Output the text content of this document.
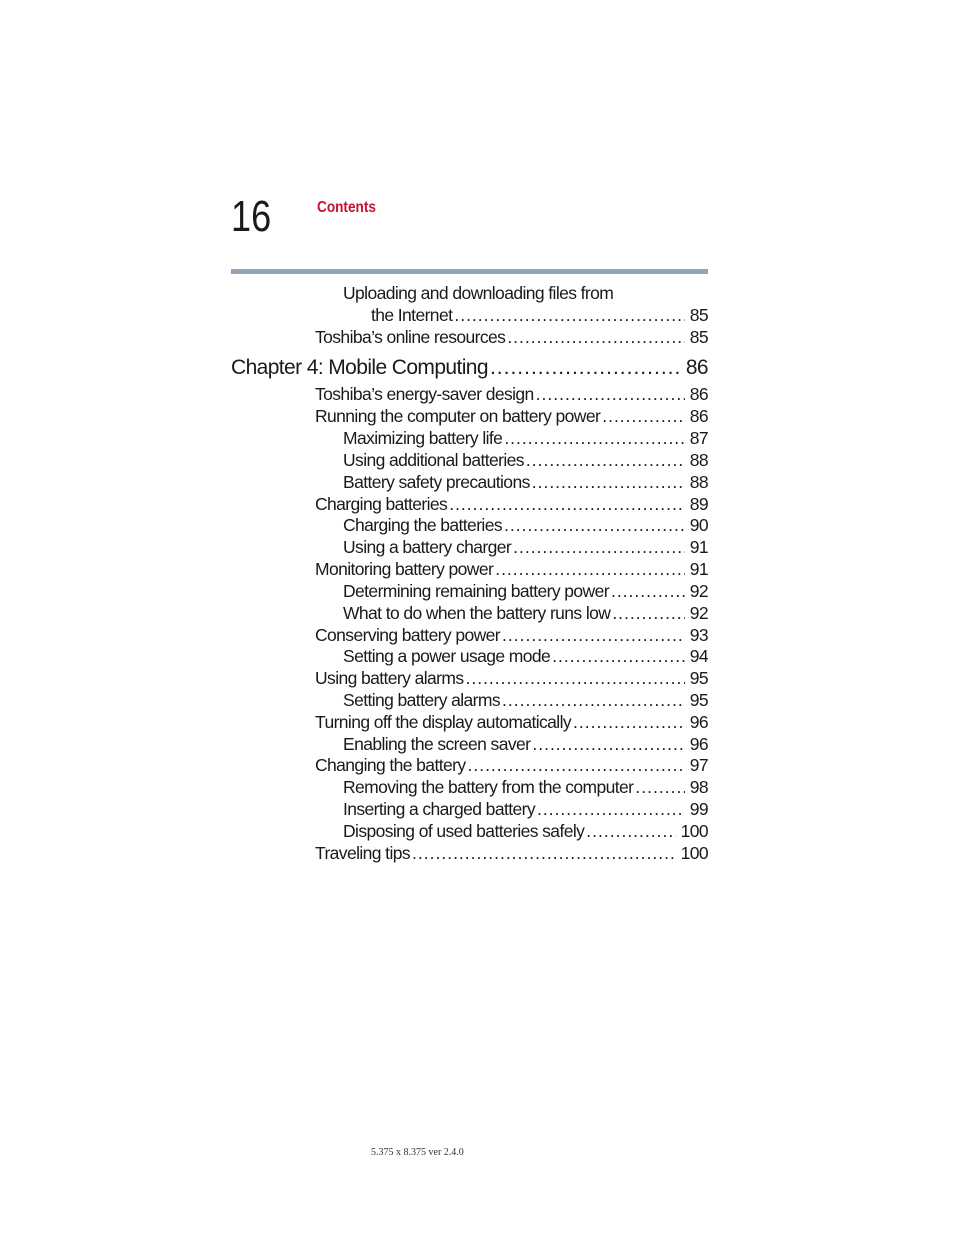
16	Contents
Uploading and downloading files from
the Internet .....	85
Toshiba’s online resources .....	85
Chapter 4: Mobile Computing .....	86
Toshiba’s energy-saver design .....	86
Running the computer on battery power .....	86
Maximizing battery life .....	87
Using additional batteries .....	88
Battery safety precautions .....	88
Charging batteries .....	89
Charging the batteries .....	90
Using a battery charger .....	91
Monitoring battery power .....	91
Determining remaining battery power .....	92
What to do when the battery runs low .....	92
Conserving battery power .....	93
Setting a power usage mode .....	94
Using battery alarms .....	95
Setting battery alarms .....	95
Turning off the display automatically .....	96
Enabling the screen saver .....	96
Changing the battery .....	97
Removing the battery from the computer .....	98
Inserting a charged battery .....	99
Disposing of used batteries safely .....	100
Traveling tips .....	100
5.375 x 8.375 ver 2.4.0
